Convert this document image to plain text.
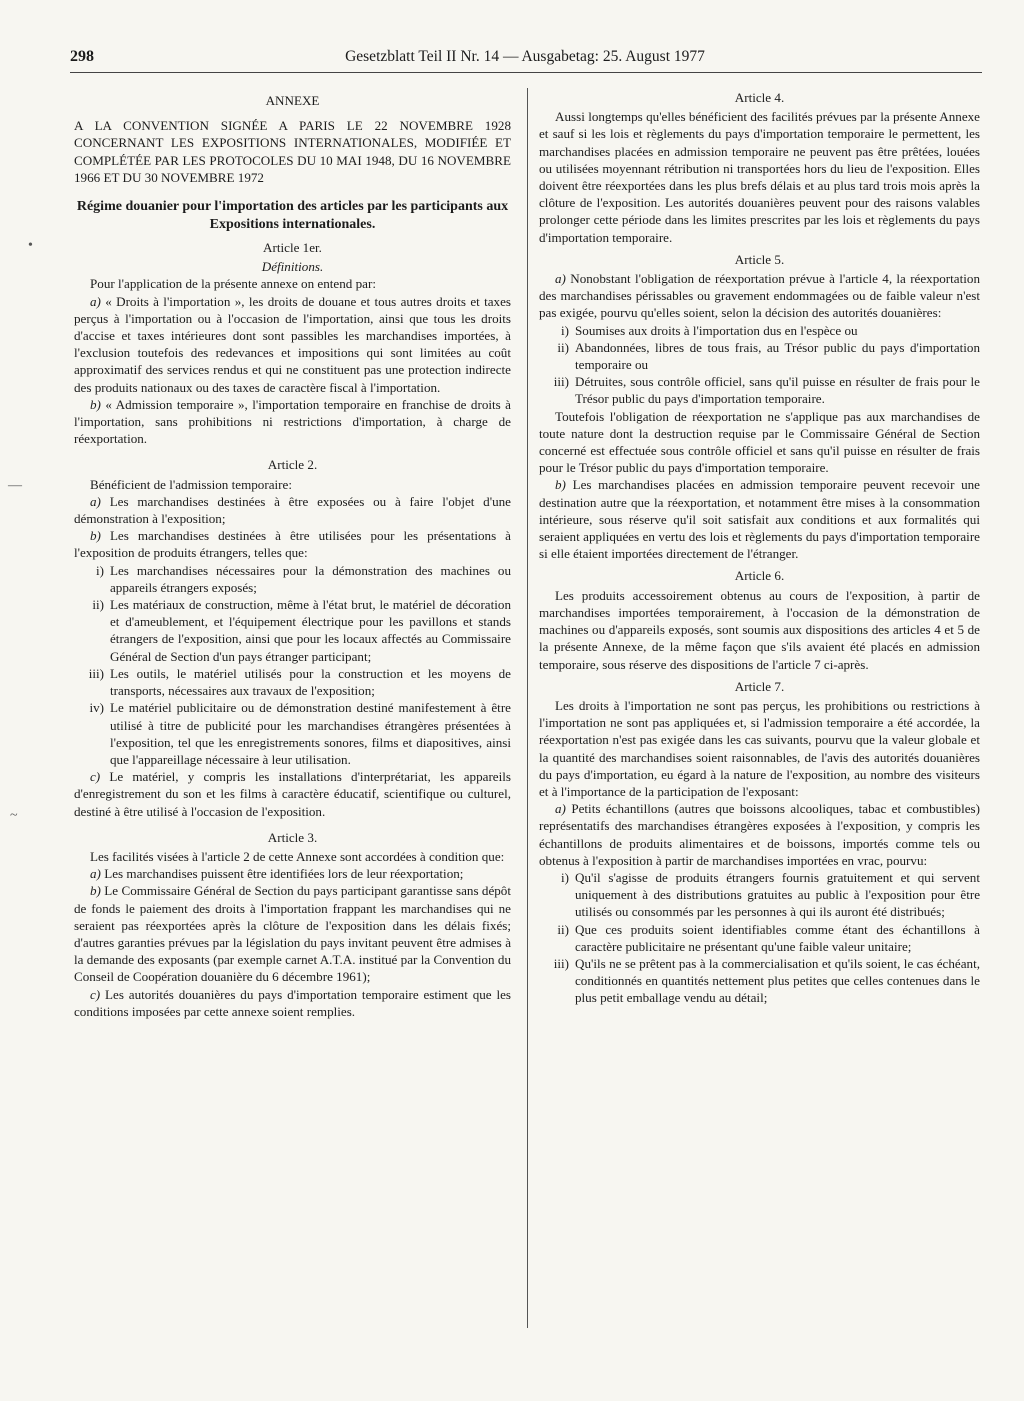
298	Gesetzblatt Teil II Nr. 14 — Ausgabetag: 25. August 1977
•
—
~

ANNEXE

A LA CONVENTION SIGNÉE A PARIS LE 22 NOVEMBRE 1928 CONCERNANT LES EXPOSITIONS INTERNATIONALES, MODIFIÉE ET COMPLÉTÉE PAR LES PROTOCOLES DU 10 MAI 1948, DU 16 NOVEMBRE 1966 ET DU 30 NOVEMBRE 1972

Régime douanier pour l'importation des articles par les participants aux Expositions internationales.

Article 1er.

Définitions.

Pour l'application de la présente annexe on entend par:

a) « Droits à l'importation », les droits de douane et tous autres droits et taxes perçus à l'importation ou à l'occasion de l'importation, ainsi que tous les droits d'accise et taxes intérieures dont sont passibles les marchandises importées, à l'exclusion toutefois des redevances et impositions qui sont limitées au coût approximatif des services rendus et qui ne constituent pas une protection indirecte des produits nationaux ou des taxes de caractère fiscal à l'importation.

b) « Admission temporaire », l'importation temporaire en franchise de droits à l'importation, sans prohibitions ni restrictions d'importation, à charge de réexportation.

Article 2.

Bénéficient de l'admission temporaire:

a) Les marchandises destinées à être exposées ou à faire l'objet d'une démonstration à l'exposition;

b) Les marchandises destinées à être utilisées pour les présentations à l'exposition de produits étrangers, telles que:

i) Les marchandises nécessaires pour la démonstration des machines ou appareils étrangers exposés;
ii) Les matériaux de construction, même à l'état brut, le matériel de décoration et d'ameublement, et l'équipement électrique pour les pavillons et stands étrangers de l'exposition, ainsi que pour les locaux affectés au Commissaire Général de Section d'un pays étranger participant;
iii) Les outils, le matériel utilisés pour la construction et les moyens de transports, nécessaires aux travaux de l'exposition;
iv) Le matériel publicitaire ou de démonstration destiné manifestement à être utilisé à titre de publicité pour les marchandises étrangères présentées à l'exposition, tel que les enregistrements sonores, films et diapositives, ainsi que l'appareillage nécessaire à leur utilisation.

c) Le matériel, y compris les installations d'interprétariat, les appareils d'enregistrement du son et les films à caractère éducatif, scientifique ou culturel, destiné à être utilisé à l'occasion de l'exposition.

Article 3.

Les facilités visées à l'article 2 de cette Annexe sont accordées à condition que:

a) Les marchandises puissent être identifiées lors de leur réexportation;

b) Le Commissaire Général de Section du pays participant garantisse sans dépôt de fonds le paiement des droits à l'importation frappant les marchandises qui ne seraient pas réexportées après la clôture de l'exposition dans les délais fixés; d'autres garanties prévues par la législation du pays invitant peuvent être admises à la demande des exposants (par exemple carnet A.T.A. institué par la Convention du Conseil de Coopération douanière du 6 décembre 1961);

c) Les autorités douanières du pays d'importation temporaire estiment que les conditions imposées par cette annexe soient remplies.

Article 4.

Aussi longtemps qu'elles bénéficient des facilités prévues par la présente Annexe et sauf si les lois et règlements du pays d'importation temporaire le permettent, les marchandises placées en admission temporaire ne peuvent pas être prêtées, louées ou utilisées moyennant rétribution ni transportées hors du lieu de l'exposition. Elles doivent être réexportées dans les plus brefs délais et au plus tard trois mois après la clôture de l'exposition. Les autorités douanières peuvent pour des raisons valables prolonger cette période dans les limites prescrites par les lois et règlements du pays d'importation temporaire.

Article 5.

a) Nonobstant l'obligation de réexportation prévue à l'article 4, la réexportation des marchandises périssables ou gravement endommagées ou de faible valeur n'est pas exigée, pourvu qu'elles soient, selon la décision des autorités douanières:

i) Soumises aux droits à l'importation dus en l'espèce ou
ii) Abandonnées, libres de tous frais, au Trésor public du pays d'importation temporaire ou
iii) Détruites, sous contrôle officiel, sans qu'il puisse en résulter de frais pour le Trésor public du pays d'importation temporaire.

Toutefois l'obligation de réexportation ne s'applique pas aux marchandises de toute nature dont la destruction requise par le Commissaire Général de Section concerné est effectuée sous contrôle officiel et sans qu'il puisse en résulter de frais pour le Trésor public du pays d'importation temporaire.

b) Les marchandises placées en admission temporaire peuvent recevoir une destination autre que la réexportation, et notamment être mises à la consommation intérieure, sous réserve qu'il soit satisfait aux conditions et aux formalités qui seraient appliquées en vertu des lois et règlements du pays d'importation temporaire si elle étaient importées directement de l'étranger.

Article 6.

Les produits accessoirement obtenus au cours de l'exposition, à partir de marchandises importées temporairement, à l'occasion de la démonstration de machines ou d'appareils exposés, sont soumis aux dispositions des articles 4 et 5 de la présente Annexe, de la même façon que s'ils avaient été placés en admission temporaire, sous réserve des dispositions de l'article 7 ci-après.

Article 7.

Les droits à l'importation ne sont pas perçus, les prohibitions ou restrictions à l'importation ne sont pas appliquées et, si l'admission temporaire a été accordée, la réexportation n'est pas exigée dans les cas suivants, pourvu que la valeur globale et la quantité des marchandises soient raisonnables, de l'avis des autorités douanières du pays d'importation, eu égard à la nature de l'exposition, au nombre des visiteurs et à l'importance de la participation de l'exposant:

a) Petits échantillons (autres que boissons alcooliques, tabac et combustibles) représentatifs des marchandises étrangères exposées à l'exposition, y compris les échantillons de produits alimentaires et de boissons, importés comme tels ou obtenus à l'exposition à partir de marchandises importées en vrac, pourvu:

i) Qu'il s'agisse de produits étrangers fournis gratuitement et qui servent uniquement à des distributions gratuites au public à l'exposition pour être utilisés ou consommés par les personnes à qui ils auront été distribués;
ii) Que ces produits soient identifiables comme étant des échantillons à caractère publicitaire ne présentant qu'une faible valeur unitaire;
iii) Qu'ils ne se prêtent pas à la commercialisation et qu'ils soient, le cas échéant, conditionnés en quantités nettement plus petites que celles contenues dans le plus petit emballage vendu au détail;
